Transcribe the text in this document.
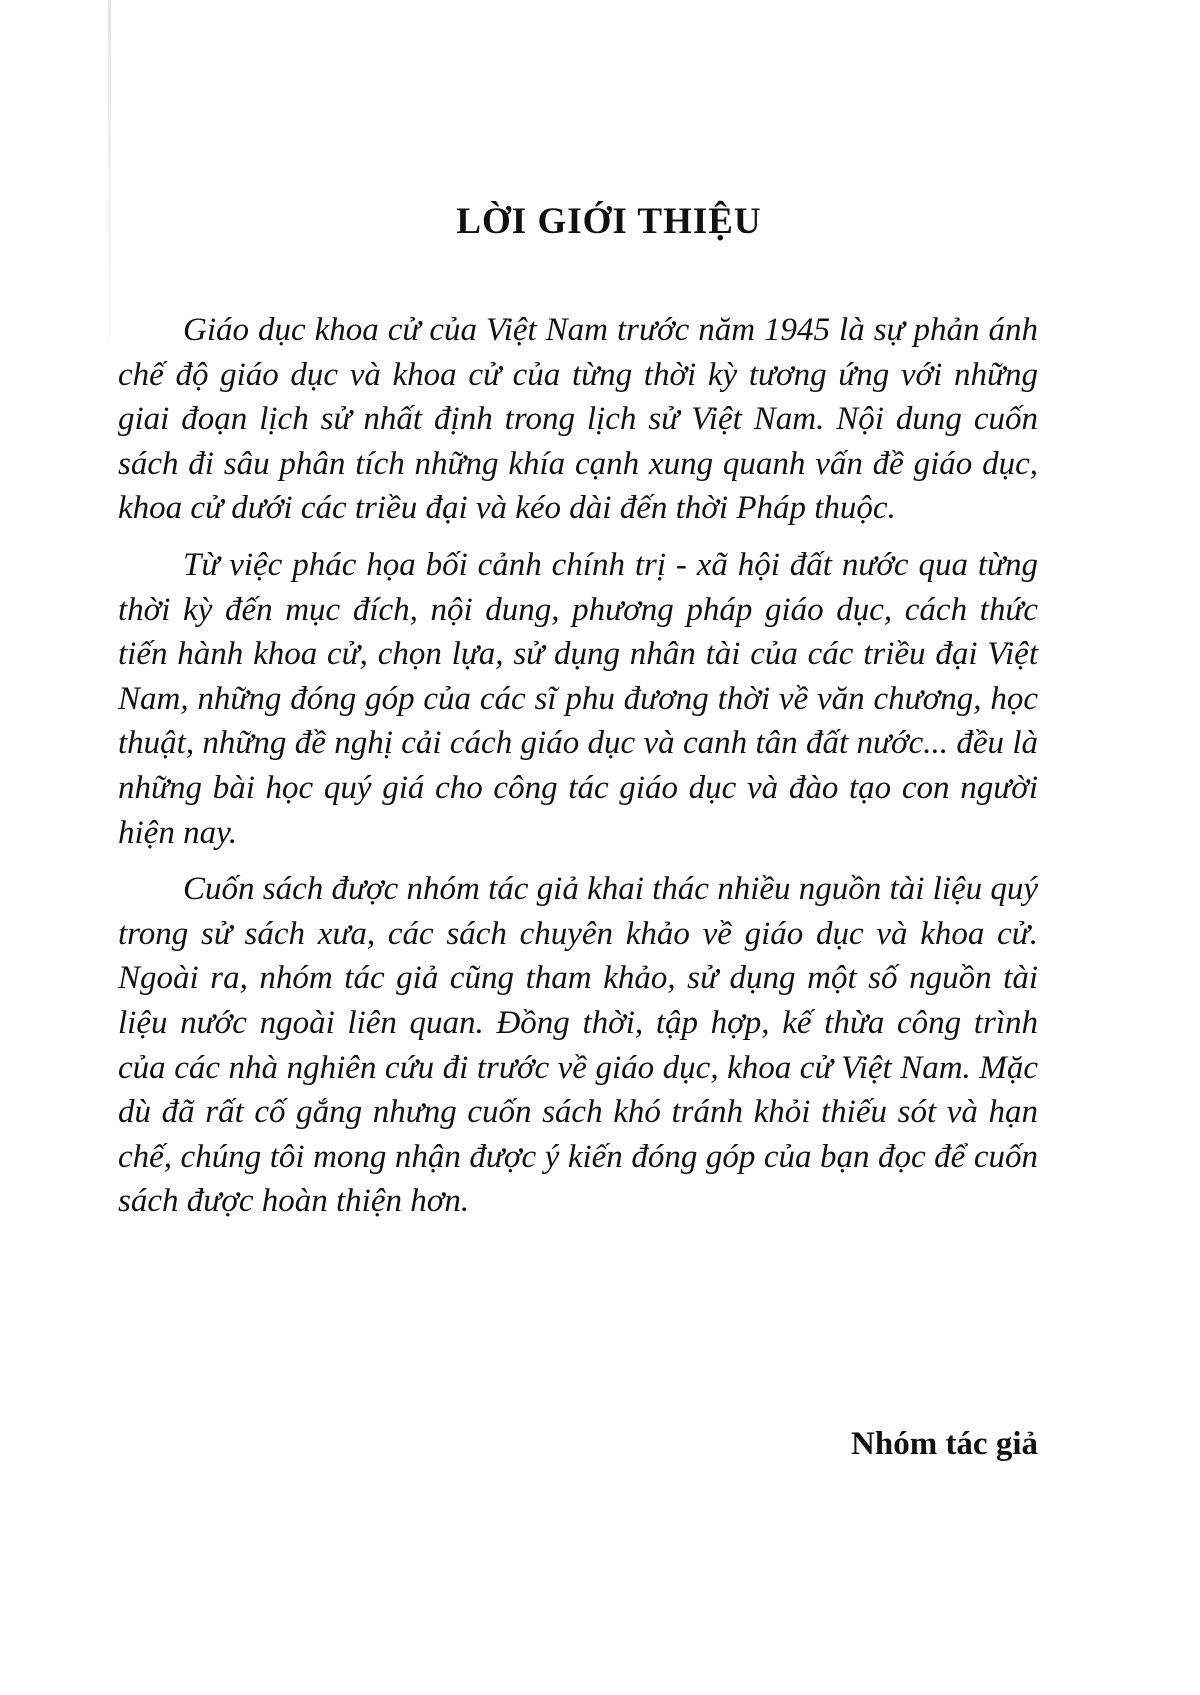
LỜI GIỚI THIỆU

Giáo dục khoa cử của Việt Nam trước năm 1945 là sự phản ánh chế độ giáo dục và khoa cử của từng thời kỳ tương ứng với những giai đoạn lịch sử nhất định trong lịch sử Việt Nam. Nội dung cuốn sách đi sâu phân tích những khía cạnh xung quanh vấn đề giáo dục, khoa cử dưới các triều đại và kéo dài đến thời Pháp thuộc.

Từ việc phác họa bối cảnh chính trị - xã hội đất nước qua từng thời kỳ đến mục đích, nội dung, phương pháp giáo dục, cách thức tiến hành khoa cử, chọn lựa, sử dụng nhân tài của các triều đại Việt Nam, những đóng góp của các sĩ phu đương thời về văn chương, học thuật, những đề nghị cải cách giáo dục và canh tân đất nước... đều là những bài học quý giá cho công tác giáo dục và đào tạo con người hiện nay.

Cuốn sách được nhóm tác giả khai thác nhiều nguồn tài liệu quý trong sử sách xưa, các sách chuyên khảo về giáo dục và khoa cử. Ngoài ra, nhóm tác giả cũng tham khảo, sử dụng một số nguồn tài liệu nước ngoài liên quan. Đồng thời, tập hợp, kế thừa công trình của các nhà nghiên cứu đi trước về giáo dục, khoa cử Việt Nam. Mặc dù đã rất cố gắng nhưng cuốn sách khó tránh khỏi thiếu sót và hạn chế, chúng tôi mong nhận được ý kiến đóng góp của bạn đọc để cuốn sách được hoàn thiện hơn.

Nhóm tác giả
